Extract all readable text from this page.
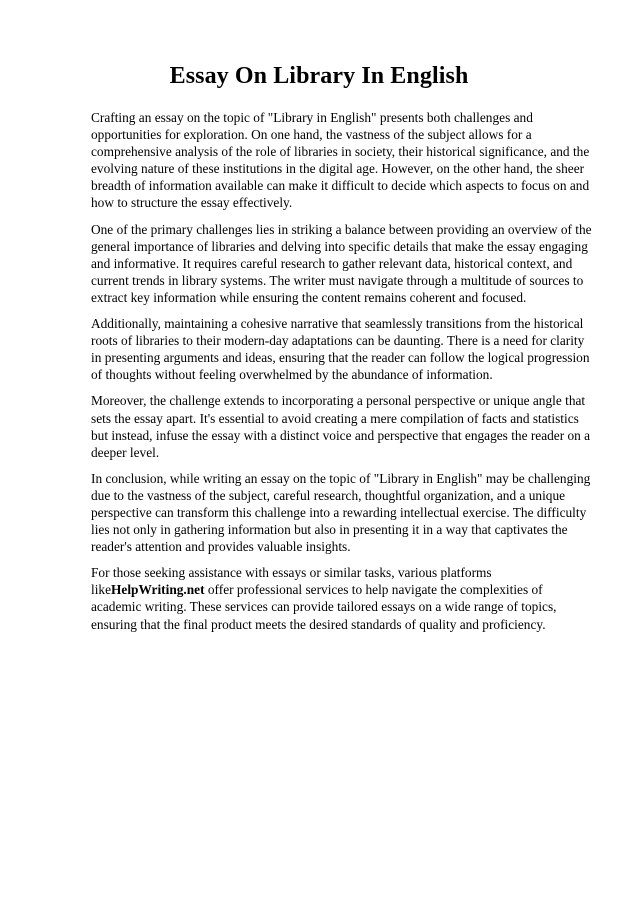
Essay On Library In English

Crafting an essay on the topic of "Library in English" presents both challenges and opportunities for exploration. On one hand, the vastness of the subject allows for a comprehensive analysis of the role of libraries in society, their historical significance, and the evolving nature of these institutions in the digital age. However, on the other hand, the sheer breadth of information available can make it difficult to decide which aspects to focus on and how to structure the essay effectively.

One of the primary challenges lies in striking a balance between providing an overview of the general importance of libraries and delving into specific details that make the essay engaging and informative. It requires careful research to gather relevant data, historical context, and current trends in library systems. The writer must navigate through a multitude of sources to extract key information while ensuring the content remains coherent and focused.

Additionally, maintaining a cohesive narrative that seamlessly transitions from the historical roots of libraries to their modern-day adaptations can be daunting. There is a need for clarity in presenting arguments and ideas, ensuring that the reader can follow the logical progression of thoughts without feeling overwhelmed by the abundance of information.

Moreover, the challenge extends to incorporating a personal perspective or unique angle that sets the essay apart. It's essential to avoid creating a mere compilation of facts and statistics but instead, infuse the essay with a distinct voice and perspective that engages the reader on a deeper level.

In conclusion, while writing an essay on the topic of "Library in English" may be challenging due to the vastness of the subject, careful research, thoughtful organization, and a unique perspective can transform this challenge into a rewarding intellectual exercise. The difficulty lies not only in gathering information but also in presenting it in a way that captivates the reader's attention and provides valuable insights.

For those seeking assistance with essays or similar tasks, various platforms likeHelpWriting.net offer professional services to help navigate the complexities of academic writing. These services can provide tailored essays on a wide range of topics, ensuring that the final product meets the desired standards of quality and proficiency.
